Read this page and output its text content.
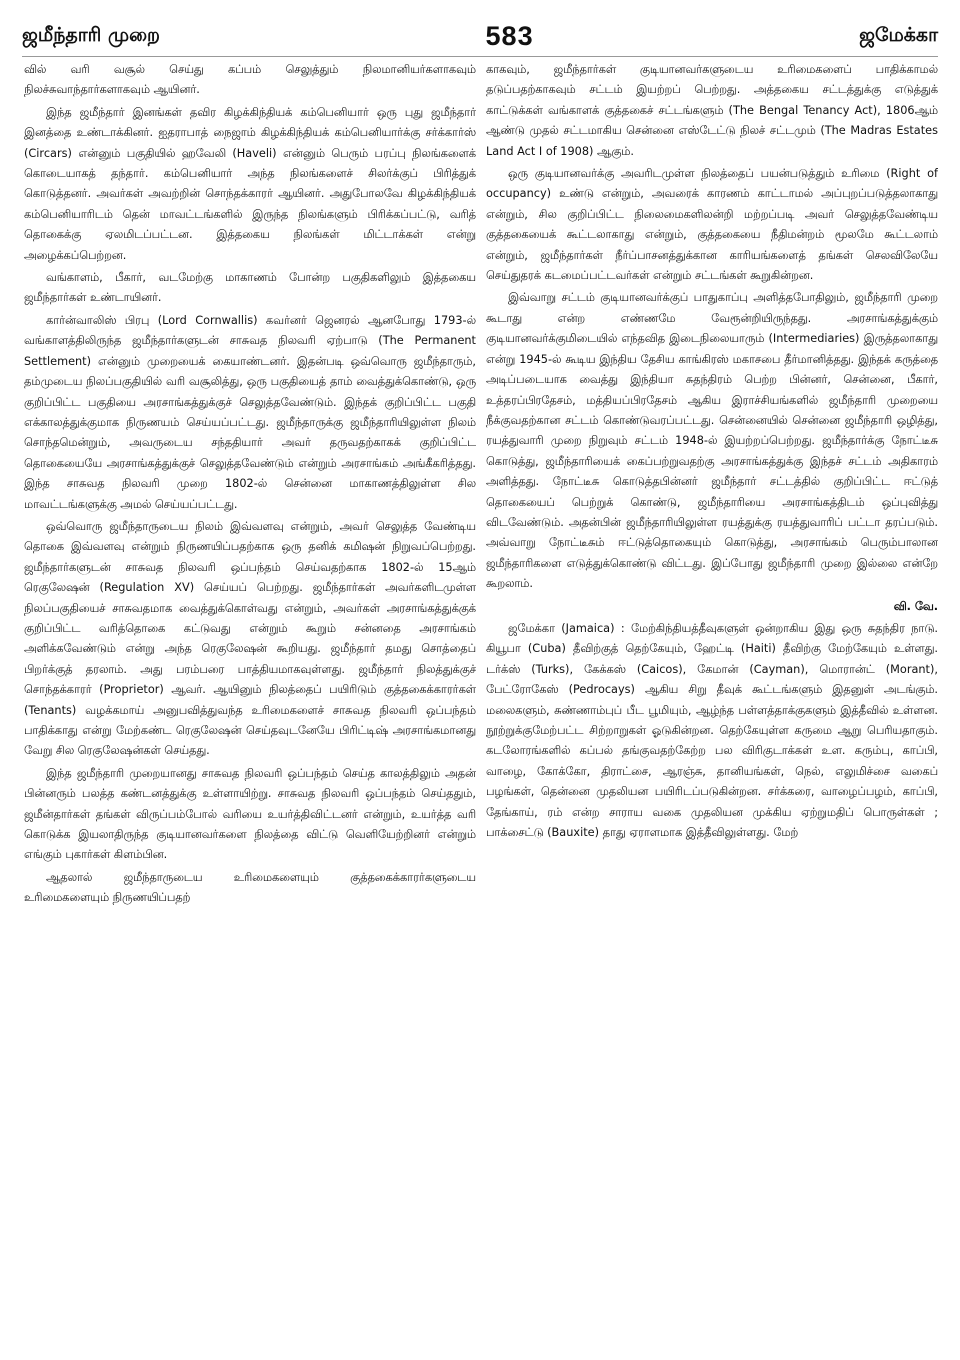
ஜமீந்தாரி முறை	583	ஜமேக்கா

வில் வரி வசூல் செய்து கப்பம் செலுத்தும் நிலமானியர்களாகவும் நிலச்சுவாந்தார்களாகவும் ஆயினர்.

இந்த ஜமீந்தார் இனங்கள் தவிர கிழக்கிந்தியக் கம்பெனியார் ஒரு புது ஜமீந்தார் இனத்தை உண்டாக்கினர். ஐதராபாத் நைஜாம் கிழக்கிந்தியக் கம்பெனியார்க்கு சர்க்கார்ஸ் (Circars) என்னும் பகுதியில் ஹவேலி (Haveli) என்னும் பெரும் பரப்பு நிலங்களைக் கொடையாகத் தந்தார். கம்பெனியார் அந்த நிலங்களைச் சிலர்க்குப் பிரித்துக் கொடுத்தனர். அவர்கள் அவற்றின் சொந்தக்காரர் ஆயினர். அதுபோலவே கிழக்கிந்தியக் கம்பெனியாரிடம் தென் மாவட்டங்களில் இருந்த நிலங்களும் பிரிக்கப்பட்டு, வரித் தொகைக்கு ஏலமிடப்பட்டன. இத்தகைய நிலங்கள் மிட்டாக்கள் என்று அழைக்கப்பெற்றன.

வங்காளம், பீகார், வடமேற்கு மாகாணம் போன்ற பகுதிகளிலும் இத்தகைய ஜமீந்தார்கள் உண்டாயினர்.

கார்ன்வாலிஸ் பிரபு (Lord Cornwallis) கவர்னர் ஜெனரல் ஆனபோது 1793-ல் வங்காளத்திலிருந்த ஜமீந்தார்களுடன் சாசுவத நிலவரி ஏற்பாடு (The Permanent Settlement) என்னும் முறையைக் கையாண்டனர். இதன்படி ஒவ்வொரு ஜமீந்தாரும், தம்முடைய நிலப்பகுதியில் வரி வசூலித்து, ஒரு பகுதியைத் தாம் வைத்துக்கொண்டு, ஒரு குறிப்பிட்ட பகுதியை அரசாங்கத்துக்குச் செலுத்தவேண்டும். இந்தக் குறிப்பிட்ட பகுதி எக்காலத்துக்குமாக நிருணயம் செய்யப்பட்டது. ஜமீந்தாருக்கு ஜமீந்தாரியிலுள்ள நிலம் சொந்தமென்றும், அவருடைய சந்ததியார் அவர் தருவதற்காகக் குறிப்பிட்ட தொகையையே அரசாங்கத்துக்குச் செலுத்தவேண்டும் என்றும் அரசாங்கம் அங்கீகரித்தது. இந்த சாசுவத நிலவரி முறை 1802-ல் சென்னை மாகாணத்திலுள்ள சில மாவட்டங்களுக்கு அமல் செய்யப்பட்டது.

ஒவ்வொரு ஜமீந்தாருடைய நிலம் இவ்வளவு என்றும், அவர் செலுத்த வேண்டிய தொகை இவ்வளவு என்றும் நிருணயிப்பதற்காக ஒரு தனிக் கமிஷன் நிறுவப்பெற்றது. ஜமீந்தார்களுடன் சாசுவத நிலவரி ஒப்பந்தம் செய்வதற்காக 1802-ல் 15ஆம் ரெகுலேஷன் (Regulation XV) செய்யப் பெற்றது. ஜமீந்தார்கள் அவர்களிடமுள்ள நிலப்பகுதியைச் சாசுவதமாக வைத்துக்கொள்வது என்றும், அவர்கள் அரசாங்கத்துக்குக் குறிப்பிட்ட வரித்தொகை கட்டுவது என்றும் கூறும் சன்னதை அரசாங்கம் அளிக்கவேண்டும் என்று அந்த ரெகுலேஷன் கூறியது. ஜமீந்தார் தமது சொத்தைப் பிறர்க்குத் தரலாம். அது பரம்பரை பாத்தியமாகவுள்ளது. ஜமீந்தார் நிலத்துக்குச் சொந்தக்காரர் (Proprietor) ஆவர். ஆயினும் நிலத்தைப் பயிரிடும் குத்தகைக்காரர்கள் (Tenants) வழக்கமாய் அனுபவித்துவந்த உரிமைகளைச் சாசுவத நிலவரி ஒப்பந்தம் பாதிக்காது என்று மேற்கண்ட ரெகுலேஷன் செய்தவுடனேயே பிரிட்டிஷ் அரசாங்கமானது வேறு சில ரெகுலேஷன்கள் செய்தது.

இந்த ஜமீந்தாரி முறையானது சாசுவத நிலவரி ஒப்பந்தம் செய்த காலத்திலும் அதன் பின்னரும் பலத்த கண்டனத்துக்கு உள்ளாயிற்று. சாசுவத நிலவரி ஒப்பந்தம் செய்ததும், ஜமீன்தார்கள் தங்கள் விருப்பம்போல் வரியை உயர்த்திவிட்டனர் என்றும், உயர்த்த வரி கொடுக்க இயலாதிருந்த குடியானவர்களை நிலத்தை விட்டு வெளியேற்றினர் என்றும் எங்கும் புகார்கள் கிளம்பின.

ஆதலால் ஜமீந்தாருடைய உரிமைகளையும் குத்தகைக்காரர்களுடைய உரிமைகளையும் நிருணயிப்பதற்

காகவும், ஜமீந்தார்கள் குடியானவர்களுடைய உரிமைகளைப் பாதிக்காமல் தடுப்பதற்காகவும் சட்டம் இயற்றப் பெற்றது. அத்தகைய சட்டத்துக்கு எடுத்துக் காட்டுக்கள் வங்காளக் குத்தகைச் சட்டங்களும் (The Bengal Tenancy Act), 1806ஆம் ஆண்டு முதல் சட்டமாகிய சென்னை எஸ்டேட்டு நிலச் சட்டமும் (The Madras Estates Land Act I of 1908) ஆகும்.

ஒரு குடியானவர்க்கு அவரிடமுள்ள நிலத்தைப் பயன்படுத்தும் உரிமை (Right of occupancy) உண்டு என்றும், அவரைக் காரணம் காட்டாமல் அப்புறப்படுத்தலாகாது என்றும், சில குறிப்பிட்ட நிலைமைகளிலன்றி மற்றப்படி அவர் செலுத்தவேண்டிய குத்தகையைக் கூட்டலாகாது என்றும், குத்தகையை நீதிமன்றம் மூலமே கூட்டலாம் என்றும், ஜமீந்தார்கள் நீர்ப்பாசனத்துக்கான காரியங்களைத் தங்கள் செலவிலேயே செய்துதரக் கடமைப்பட்டவர்கள் என்றும் சட்டங்கள் கூறுகின்றன.

இவ்வாறு சட்டம் குடியானவர்க்குப் பாதுகாப்பு அளித்தபோதிலும், ஜமீந்தாரி முறை கூடாது என்ற எண்ணமே வேரூன்றியிருந்தது. அரசாங்கத்துக்கும் குடியானவர்க்குமிடையில் எந்தவித இடைநிலையாரும் (Intermediaries) இருத்தலாகாது என்று 1945-ல் கூடிய இந்திய தேசிய காங்கிரஸ் மகாசபை தீர்மானித்தது. இந்தக் கருத்தை அடிப்படையாக வைத்து இந்தியா சுதந்திரம் பெற்ற பின்னர், சென்னை, பீகார், உத்தரப்பிரதேசம், மத்தியப்பிரதேசம் ஆகிய இராச்சியங்களில் ஜமீந்தாரி முறையை நீக்குவதற்கான சட்டம் கொண்டுவரப்பட்டது. சென்னையில் சென்னை ஜமீந்தாரி ஒழித்து, ரயத்துவாரி முறை நிறுவும் சட்டம் 1948-ல் இயற்றப்பெற்றது. ஜமீந்தார்க்கு நோட்டீசு கொடுத்து, ஜமீந்தாரியைக் கைப்பற்றுவதற்கு அரசாங்கத்துக்கு இந்தச் சட்டம் அதிகாரம் அளித்தது. நோட்டீசு கொடுத்தபின்னர் ஜமீந்தார் சட்டத்தில் குறிப்பிட்ட ஈட்டுத் தொகையைப் பெற்றுக் கொண்டு, ஜமீந்தாரியை அரசாங்கத்திடம் ஒப்புவித்து விடவேண்டும். அதன்பின் ஜமீந்தாரியிலுள்ள ரயத்துக்கு ரயத்துவாரிப் பட்டா தரப்படும். அவ்வாறு நோட்டீசும் ஈட்டுத்தொகையும் கொடுத்து, அரசாங்கம் பெரும்பாலான ஜமீந்தாரிகளை எடுத்துக்கொண்டு விட்டது. இப்போது ஜமீந்தாரி முறை இல்லை என்றே கூறலாம்.

வி. வே.

ஜமேக்கா (Jamaica) : மேற்கிந்தியத்தீவுகளுள் ஒன்றாகிய இது ஒரு சுதந்திர நாடு. கியூபா (Cuba) தீவிற்குத் தெற்கேயும், ஹேட்டி (Haiti) தீவிற்கு மேற்கேயும் உள்ளது. டர்க்ஸ் (Turks), கேக்கஸ் (Caicos), கேமான் (Cayman), மொரான்ட் (Morant), பேட்ரோகேஸ் (Pedrocays) ஆகிய சிறு தீவுக் கூட்டங்களும் இதனுள் அடங்கும். மலைகளும், சுண்ணாம்புப் பீட பூமியும், ஆழ்ந்த பள்ளத்தாக்குகளும் இத்தீவில் உள்ளன. நூற்றுக்குமேற்பட்ட சிற்றாறுகள் ஓடுகின்றன. தெற்கேயுள்ள கருமை ஆறு பெரியதாகும். கடலோரங்களில் கப்பல் தங்குவதற்கேற்ற பல விரிகுடாக்கள் உள. கரும்பு, காப்பி, வாழை, கோக்கோ, திராட்சை, ஆரஞ்சு, தானியங்கள், நெல், எலுமிச்சை வகைப் பழங்கள், தென்னை முதலியன பயிரிடப்படுகின்றன. சர்க்கரை, வாழைப்பழம், காப்பி, தேங்காய், ரம் என்ற சாராய வகை முதலியன முக்கிய ஏற்றுமதிப் பொருள்கள் ; பாக்சைட்டு (Bauxite) தாது ஏராளமாக இத்தீவிலுள்ளது. மேற்
